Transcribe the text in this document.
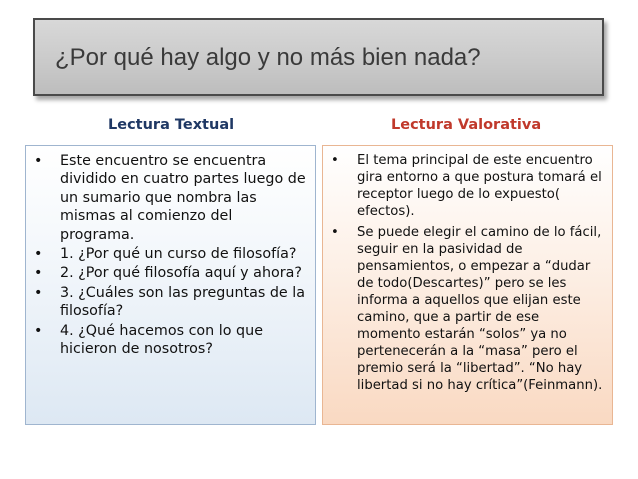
¿Por qué hay algo y no más bien nada?
Lectura Textual	Lectura Valorativa
• Este encuentro se encuentra dividido en cuatro partes luego de un sumario que nombra las mismas al comienzo del programa.
• 1. ¿Por qué un curso de filosofía?
• 2. ¿Por qué filosofía aquí y ahora?
• 3. ¿Cuáles son las preguntas de la filosofía?
• 4. ¿Qué hacemos con lo que hicieron de nosotros?
• El tema principal de este encuentro gira entorno a que postura tomará el receptor luego de lo expuesto( efectos).
• Se puede elegir el camino de lo fácil, seguir en la pasividad de pensamientos, o empezar a “dudar de todo(Descartes)” pero se les informa a aquellos que elijan este camino, que a partir de ese momento estarán “solos” ya no pertenecerán a la “masa” pero el premio será la “libertad”. “No hay libertad si no hay crítica”(Feinmann).
